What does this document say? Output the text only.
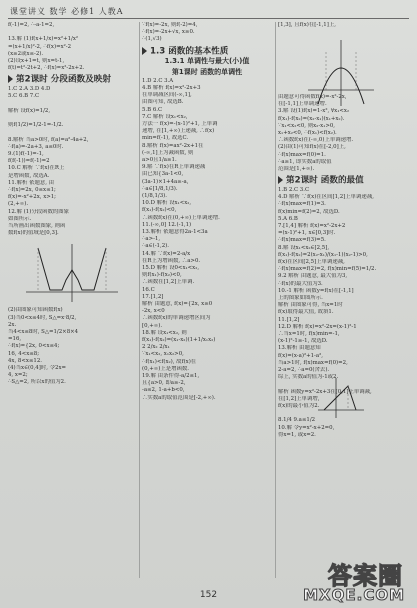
课堂讲义 数学 必修1 人教A
f(-1)=2, ∴-a-1=2,

13.解 (1)f(x+1/x)=x²+1/x²
=(x+1/x)²-2, ∴f(x)=x²-2
(x≥2或x≤-2).
(2)设x+1=t, 则x=t-1,
f(t)=t²-2t+2, ∴f(x)=x²-2x+2.
第2课时 分段函数及映射
1.C 2.A 3.D 4.D
5.C 6.B 7.C

解析 设f(x)=1/2,

则f(1/2)=1/2-1=-1/2.

8.解析 当a>0时, f(a)=a²-4a+2,
∴f(a)=-2a+3, a≤0时.
9.(1)f(-1)=-1,
f(f(-1))=f(-1)=2
10.C 解析 ∵f(x)在R上
是增函数, 故选A.
11.解析 依题意, 由
∴f(x)=2x, 0≤x≤1;
f(x)=-x²+2x, x>1;
(2,+∞).
12.解 (1)分段函数的图象
如图所示.
当所画出函数图象, 则函
数f(x)的值域是[0,3].
(2)由图象可知函数f(x)
(3)当0<x≤4时, S△=x·8/2,
2x.
当4<x≤8时, S△=1/2×8×4
=16,
∴f(x)={2x, 0<x≤4;
16, 4<x≤8;
4x, 8<x≤12.
(4)当x∈(0,4]时, 令2x=
4, x=2;
∴S△=2, 所以x的值为2.
∵f(x)=-2x, 则f(-2)=4,
∴f(x)=-2x+√x, x≥0.
∴(1,√3)
1.3 函数的基本性质
1.3.1 单调性与最大(小)值
第1课时 函数的单调性
1.D 2.C 3.A
4.B 解析 f(x)=x²-2x+3
在单调减区间(-∞,1],
由图可知, 故选B.
5.B 6.C
7.C 解析 设x₁<x₂,
方法一 f(x)=-(x-1)²+1, 上单调
递增, 在[1,+∞)上递减, ∴f(x)
min=f(-1), 故选C.
8.解析 f(x)=ax²-2x+1在
(-∞,1]上为减函数, 则
a>0且1/a≥1.
9.解 ∵f(x)在R上单调递减
由已知{3a-1<0,
(3a-1)×1+4a≥-a,
∴a∈[1/8,1/3).
(1/8,1/3).
10.D 解析 设x₁<x₂,
f(x₁)-f(x₂)<0,
∴函数f(x)在(0,+∞)上单调递增.
11.(-∞,0] 12.(-1,1)
13.解析 依题意得2a-1<3a
∴a>-1,
∴a∈(-1,2).
14.解 ∵f(x)=2-a/x
在R上为增函数, ∴a>0.
15.D 解析 设0<x₁<x₂,
则f(x₁)-f(x₂)<0,
∴函数在[1,2]上单调.
16.C
17.[1,2]
解析 由题意, f(x)={2x, x≥0
-2x, x<0
∴函数f(x)的单调递增区间为
[0,+∞).
18.解 设x₁<x₂, 则
f(x₁)-f(x₂)=(x₁-x₂)(1+1/x₁x₂)
2 2/x₂ 2/x₁
∵x₁<x₂, x₁x₂>0,
∴f(x₁)<f(x₂), 故f(x)在
(0,+∞)上是增函数.
19.解 由条件得-a/2≤1,
且{a>0, 即a≥-2,
-a≤2, 1-a+b<0,
∴实数a的取值范围是[-2,+∞).
[1,3], 且f(x)在[-1,1]上,

由题意可得函数f(x)=-x²-2x,
在[-1,1]上单调递增.
3.解 设(1)f(x)=1-x², ∀x₁<x₂
f(x₁)-f(x₂)=(x₂-x₁)(x₁+x₂).
∵x₁<x₂<0, 则x₂-x₁>0,
x₁+x₂<0, ∴f(x₁)<f(x₂).
∴函数f(x)在(-∞,0)上单调递增.
(2)由(1)可知f(x)在[-2,0]上,
∴f(x)max=f(0)=1.
∴a≥1, 即实数a的取值
范围是[1,+∞).
第2课时 函数的最值
1.B 2.C 3.C
4.D 解析 ∵f(x)在区间[1,2]上单调递减,
∴f(x)max=f(1)=3.
f(x)min=f(2)=2, 故选D.
5.A 6.B
7.[1,4] 解析 f(x)=x²-2x+2
=(x-1)²+1, x∈[0,3]时.
∴f(x)max=f(3)=5.
8.解 设x₁<x₂∈[2,5],
f(x₁)-f(x₂)=2(x₂-x₁)/(x₁-1)(x₂-1)>0,
f(x)在区间[2,5]上单调递减,
∴f(x)max=f(2)=2, f(x)min=f(5)=1/2.
9.2 解析 由题意, 最大值为3,
∴f(x)的最大值为3.
10.-1 解析 函数y=f(x)在[-1,1]
上的图象如图所示.
解析 由图象可得, 当x=1时
f(x)取得最大值, 故填1.
11.[1,2]
12.D 解析 f(x)=x²-2x=(x-1)²-1
∴当x=1时, f(x)min=-1,
(x-1)²-1≥-1, 故选D.
13.解析 由题意知
f(x)=(x-a)²+1-a²,
当a>1时, f(x)max=f(0)=2,
2-a=2, ∴a=0(舍去).
综上, 实数a的值为-1或2.

解析 函数y=x²-2x+3在[0,1]上单调减,
在[1,2]上单调增,
f(x)的最小值为2.

8.1/4 9.a≤1/2
10.解 令y=x²-x+2=0,
得x=1, 或x=2.
152
答案圈
MXQE.COM
